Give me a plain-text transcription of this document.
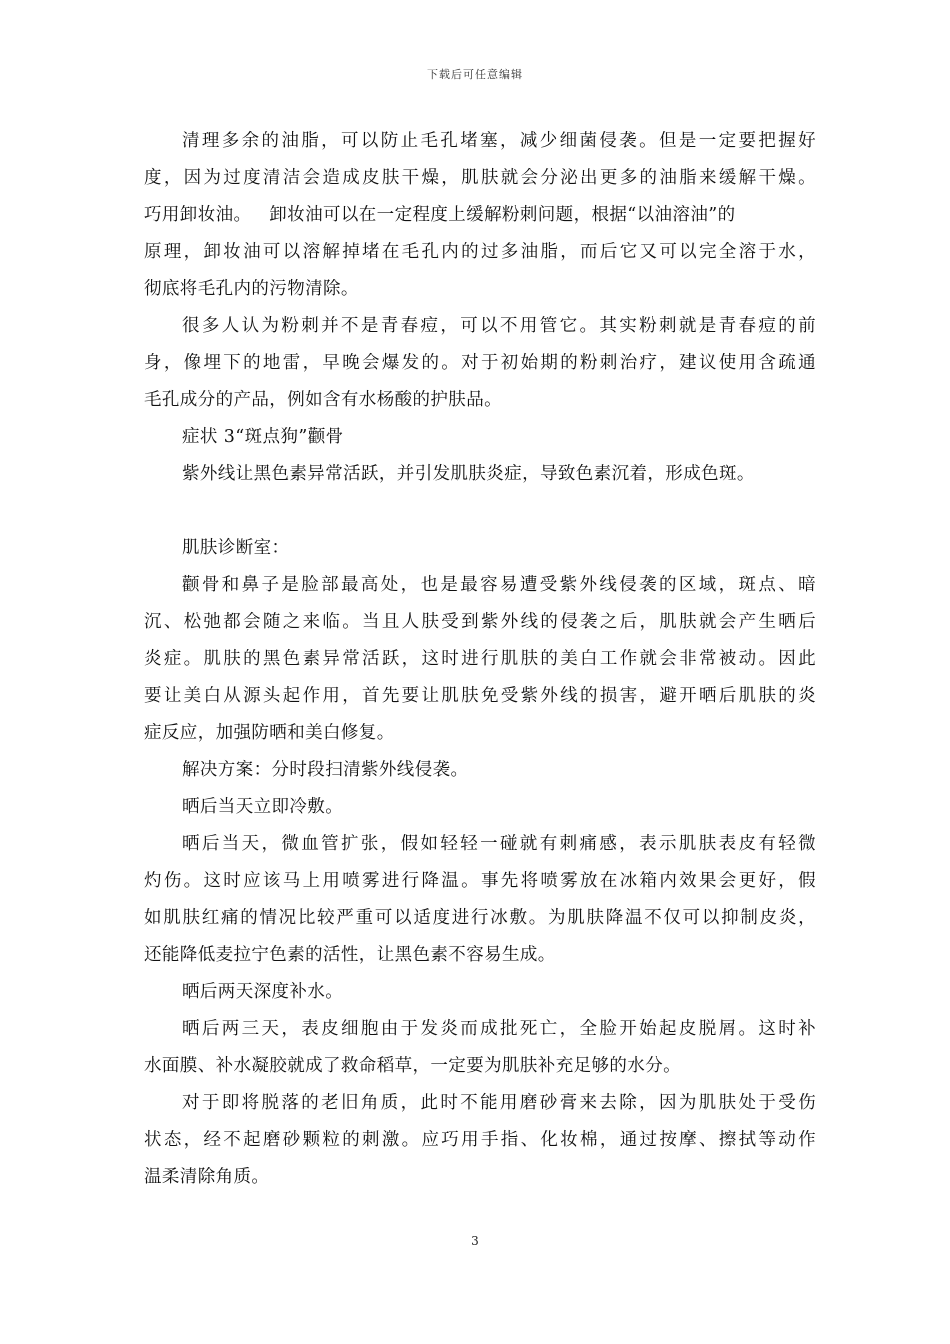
下载后可任意编辑
清理多余的油脂，可以防止毛孔堵塞，减少细菌侵袭。但是一定要把握好
度，因为过度清洁会造成皮肤干燥，肌肤就会分泌出更多的油脂来缓解干燥。
巧用卸妆油。   卸妆油可以在一定程度上缓解粉刺问题，根据“以油溶油”的
原理，卸妆油可以溶解掉堵在毛孔内的过多油脂，而后它又可以完全溶于水，
彻底将毛孔内的污物清除。
很多人认为粉刺并不是青春痘，可以不用管它。其实粉刺就是青春痘的前
身，像埋下的地雷，早晚会爆发的。对于初始期的粉刺治疗，建议使用含疏通
毛孔成分的产品，例如含有水杨酸的护肤品。
症状 3“斑点狗”颧骨
紫外线让黑色素异常活跃，并引发肌肤炎症，导致色素沉着，形成色斑。
肌肤诊断室：
颧骨和鼻子是脸部最高处，也是最容易遭受紫外线侵袭的区域，斑点、暗
沉、松弛都会随之来临。当且人肤受到紫外线的侵袭之后，肌肤就会产生晒后
炎症。肌肤的黑色素异常活跃，这时进行肌肤的美白工作就会非常被动。因此
要让美白从源头起作用，首先要让肌肤免受紫外线的损害，避开晒后肌肤的炎
症反应，加强防晒和美白修复。
解决方案：分时段扫清紫外线侵袭。
晒后当天立即冷敷。
晒后当天，微血管扩张，假如轻轻一碰就有刺痛感，表示肌肤表皮有轻微
灼伤。这时应该马上用喷雾进行降温。事先将喷雾放在冰箱内效果会更好，假
如肌肤红痛的情况比较严重可以适度进行冰敷。为肌肤降温不仅可以抑制皮炎，
还能降低麦拉宁色素的活性，让黑色素不容易生成。
晒后两天深度补水。
晒后两三天，表皮细胞由于发炎而成批死亡，全脸开始起皮脱屑。这时补
水面膜、补水凝胶就成了救命稻草，一定要为肌肤补充足够的水分。
对于即将脱落的老旧角质，此时不能用磨砂膏来去除，因为肌肤处于受伤
状态，经不起磨砂颗粒的刺激。应巧用手指、化妆棉，通过按摩、擦拭等动作
温柔清除角质。
3
